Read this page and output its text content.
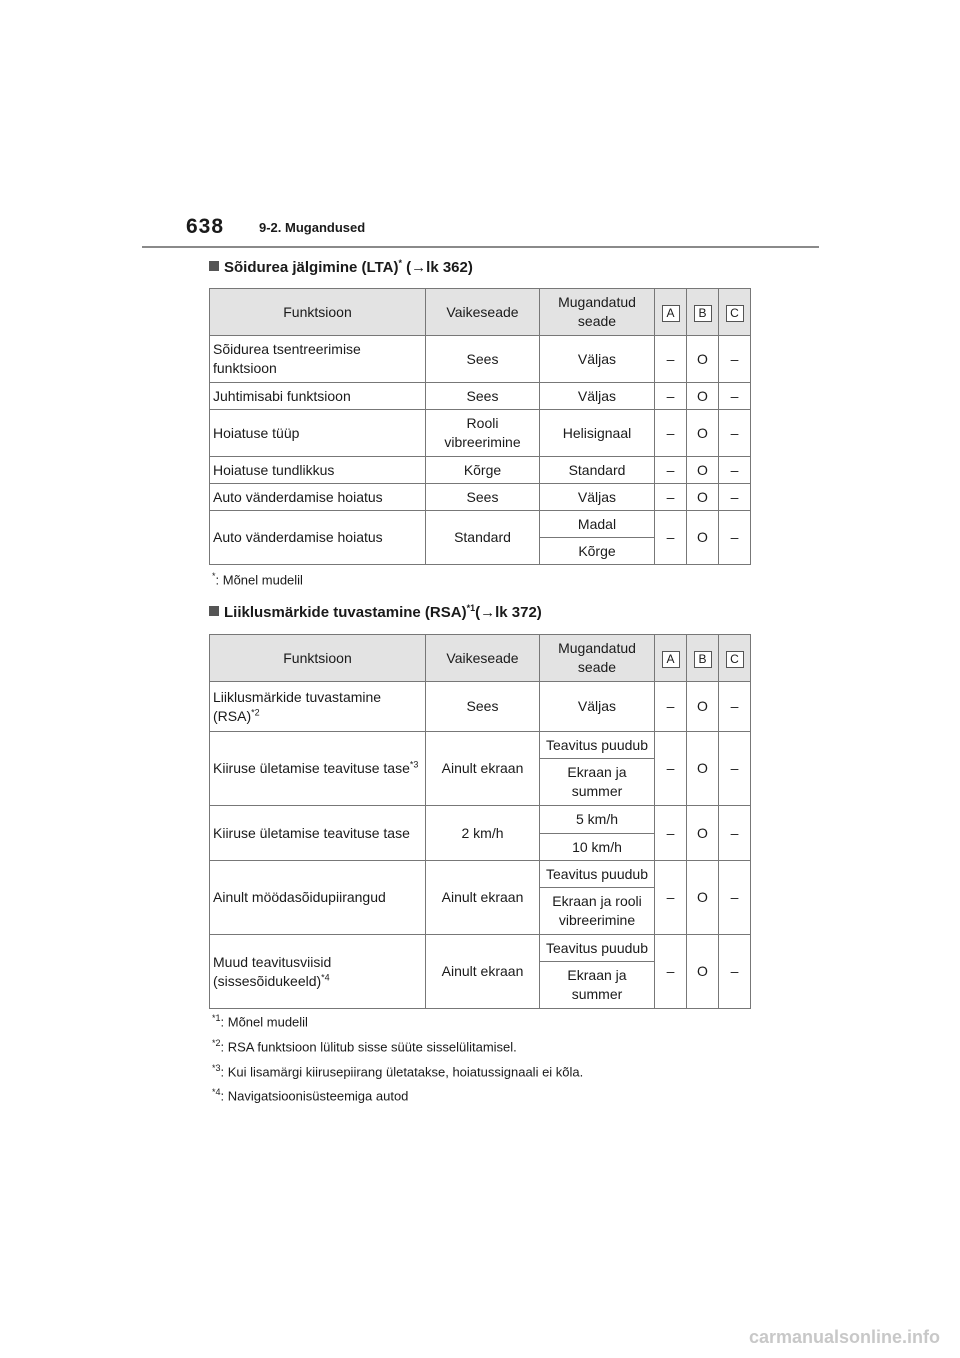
638	9-2. Mugandused
Sõidurea jälgimine (LTA)* (→lk 362)
Funktsioon	Vaikeseade	Mugandatud seade	A	B	C
Sõidurea tsentreerimise funktsioon	Sees	Väljas	–	O	–
Juhtimisabi funktsioon	Sees	Väljas	–	O	–
Hoiatuse tüüp	Rooli vibreerimine	Helisignaal	–	O	–
Hoiatuse tundlikkus	Kõrge	Standard	–	O	–
Auto vänderdamise hoiatus	Sees	Väljas	–	O	–
Auto vänderdamise hoiatus	Standard	Madal	–	O	–
		Kõrge			
*: Mõnel mudelil
Liiklusmärkide tuvastamine (RSA)$^{*1}$(→lk 372)
Funktsioon	Vaikeseade	Mugandatud seade	A	B	C
Liiklusmärkide tuvastamine (RSA)$^{*2}$	Sees	Väljas	–	O	–
Kiiruse ületamise teavituse tase$^{*3}$	Ainult ekraan	Teavitus puudub	–	O	–
		Ekraan ja summer			
Kiiruse ületamise teavituse tase	2 km/h	5 km/h	–	O	–
		10 km/h			
Ainult möödasõidupiirangud	Ainult ekraan	Teavitus puudub	–	O	–
		Ekraan ja rooli vibreerimine			
Muud teavitusviisid (sissesõidukeeld)$^{*4}$	Ainult ekraan	Teavitus puudub	–	O	–
		Ekraan ja summer			
$^{*1}$: Mõnel mudelil
$^{*2}$: RSA funktsioon lülitub sisse süüte sisselülitamisel.
$^{*3}$: Kui lisamärgi kiirusepiirang ületatakse, hoiatussignaali ei kõla.
$^{*4}$: Navigatsioonisüsteemiga autod
carmanualsonline.info
